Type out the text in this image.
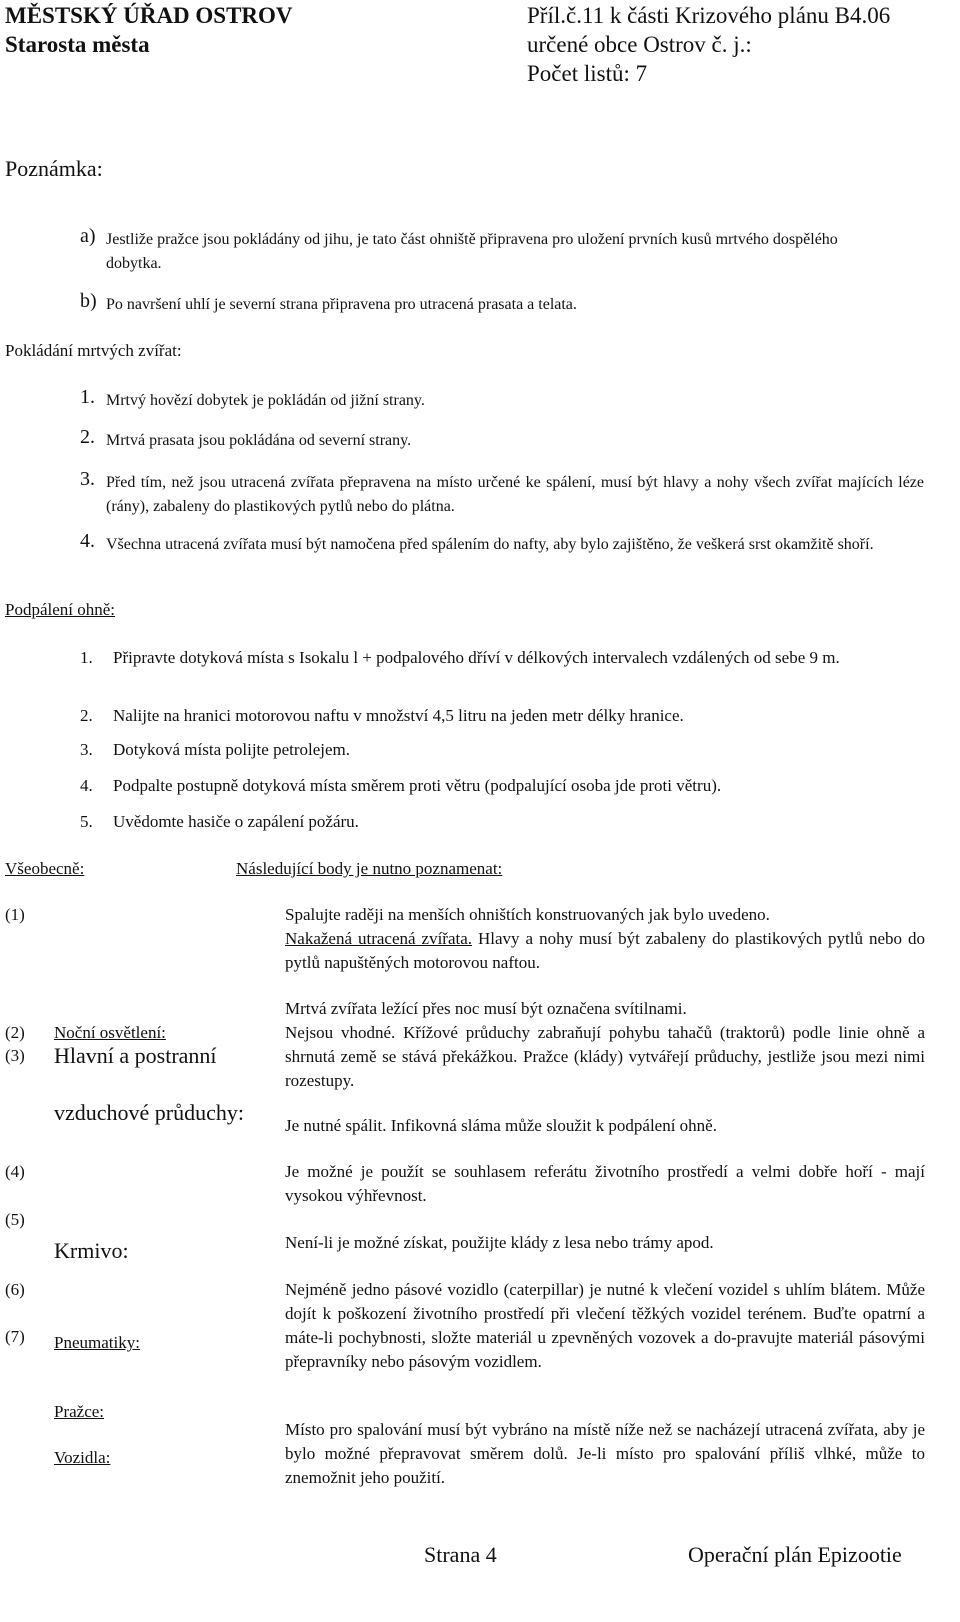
MĚSTSKÝ ÚŘAD OSTROV
Starosta města
Příl.č.11 k části Krizového plánu B4.06
určené obce Ostrov č. j.:
Počet listů: 7
Poznámka:
a) Jestliže pražce jsou pokládány od jihu, je tato část ohniště připravena pro uložení prvních kusů mrtvého dospělého dobytka.
b) Po navršení uhlí je severní strana připravena pro utracená prasata a telata.
Pokládání mrtvých zvířat:
1. Mrtvý hovězí dobytek je pokládán od jižní strany.
2. Mrtvá prasata jsou pokládána od severní strany.
3. Před tím, než jsou utracená zvířata přepravena na místo určené ke spálení, musí být hlavy a nohy všech zvířat majících léze (rány), zabaleny do plastikových pytlů nebo do plátna.
4. Všechna utracená zvířata musí být namočena před spálením do nafty, aby bylo zajištěno, že veškerá srst okamžitě shoří.
Podpálení ohně:
1. Připravte dotyková místa s Isokalu l + podpalového dříví v délkových intervalech vzdálených od sebe 9 m.
2. Nalijte na hranici motorovou naftu v množství 4,5 litru na jeden metr délky hranice.
3. Dotyková místa polijte petrolejem.
4. Podpalte postupně dotyková místa směrem proti větru (podpalující osoba jde proti větru).
5. Uvědomte hasiče o zapálení požáru.
Všeobecně:	Následující body je nutno poznamenat:
(1)
(2)
(3)
(4)
(5)
(6)
(7)
Noční osvětlení:
Hlavní a postranní
vzduchové průduchy:
Krmivo:
Pneumatiky:
Pražce:
Vozidla:
Spalujte raději na menších ohništích konstruovaných jak bylo uvedeno.
Nakažená utracená zvířata. Hlavy a nohy musí být zabaleny do plastikových pytlů nebo do pytlů napuštěných motorovou naftou.
Mrtvá zvířata ležící přes noc musí být označena svítilnami.
Nejsou vhodné. Křížové průduchy zabraňují pohybu tahačů (traktorů) podle linie ohně a shrnutá země se stává překážkou. Pražce (klády) vytvářejí průduchy, jestliže jsou mezi nimi rozestupy.
Je nutné spálit. Infikovná sláma může sloužit k podpálení ohně.
Je možné je použít se souhlasem referátu životního prostředí a velmi dobře hoří - mají vysokou výhřevnost.
Není-li je možné získat, použijte klády z lesa nebo trámy apod.
Nejméně jedno pásové vozidlo (caterpillar) je nutné k vlečení vozidel s uhlím blátem. Může dojít k poškození životního prostředí při vlečení těžkých vozidel terénem. Buďte opatrní a máte-li pochybnosti, složte materiál u zpevněných vozovek a do-pravujte materiál pásovými přepravníky nebo pásovým vozidlem.
Místo pro spalování musí být vybráno na místě níže než se nacházejí utracená zvířata, aby je bylo možné přepravovat směrem dolů. Je-li místo pro spalování příliš vlhké, může to znemožnit jeho použití.
Strana 4	Operační plán Epizootie
